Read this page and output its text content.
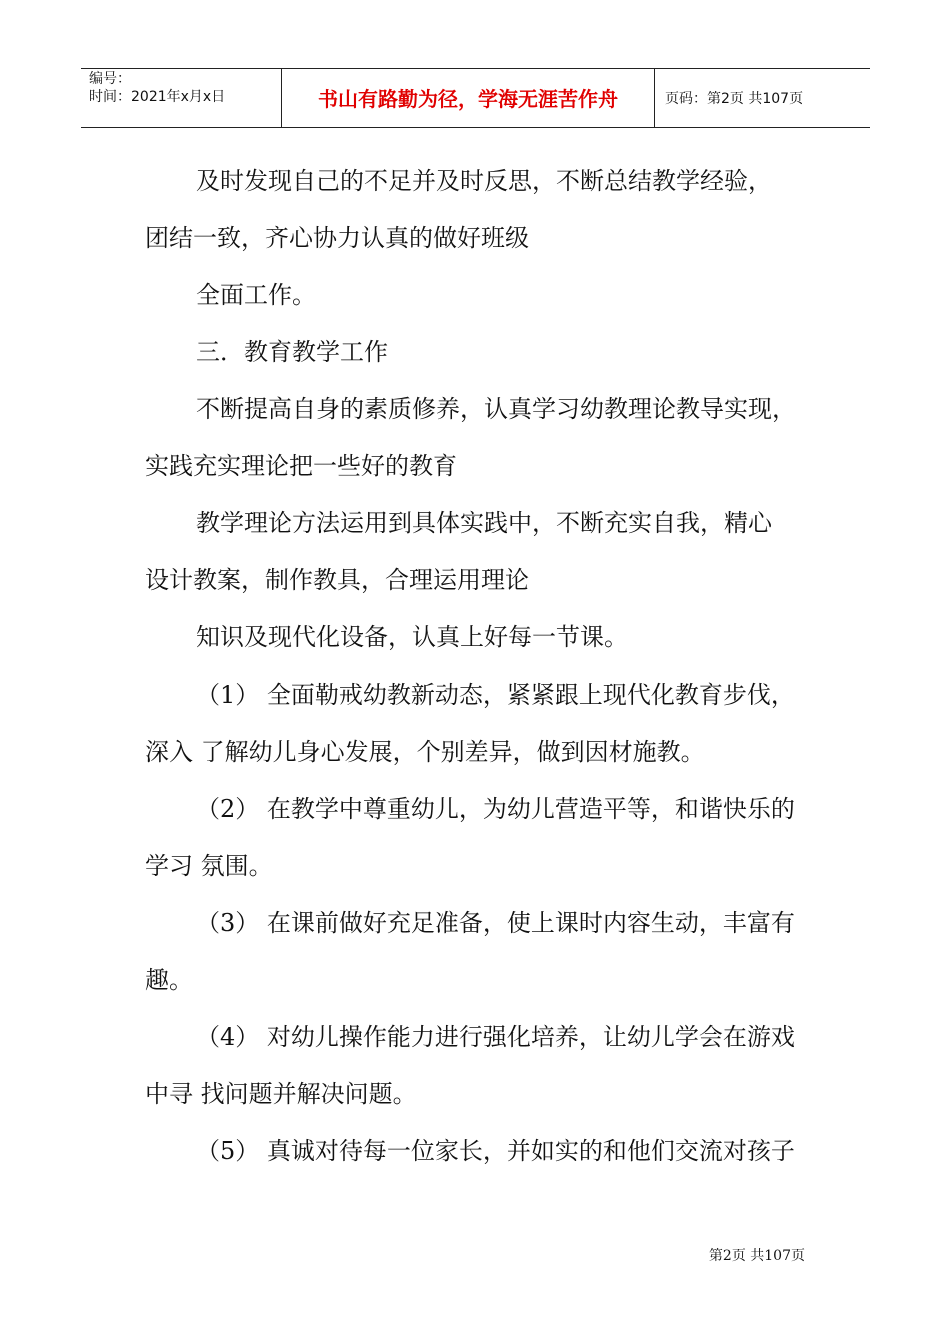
编号：
时间：2021年x月x日	书山有路勤为径，学海无涯苦作舟	页码：第2页 共107页
及时发现自己的不足并及时反思，不断总结教学经验，
团结一致，齐心协力认真的做好班级
全面工作。
三．教育教学工作
不断提高自身的素质修养，认真学习幼教理论教导实现，
实践充实理论把一些好的教育
教学理论方法运用到具体实践中，不断充实自我，精心
设计教案，制作教具，合理运用理论
知识及现代化设备，认真上好每一节课。
（1） 全面勒戒幼教新动态，紧紧跟上现代化教育步伐，
深入 了解幼儿身心发展，个别差异，做到因材施教。
（2） 在教学中尊重幼儿，为幼儿营造平等，和谐快乐的
学习 氛围。
（3） 在课前做好充足准备，使上课时内容生动，丰富有
趣。
（4） 对幼儿操作能力进行强化培养，让幼儿学会在游戏
中寻 找问题并解决问题。
（5） 真诚对待每一位家长，并如实的和他们交流对孩子
第2页 共107页
